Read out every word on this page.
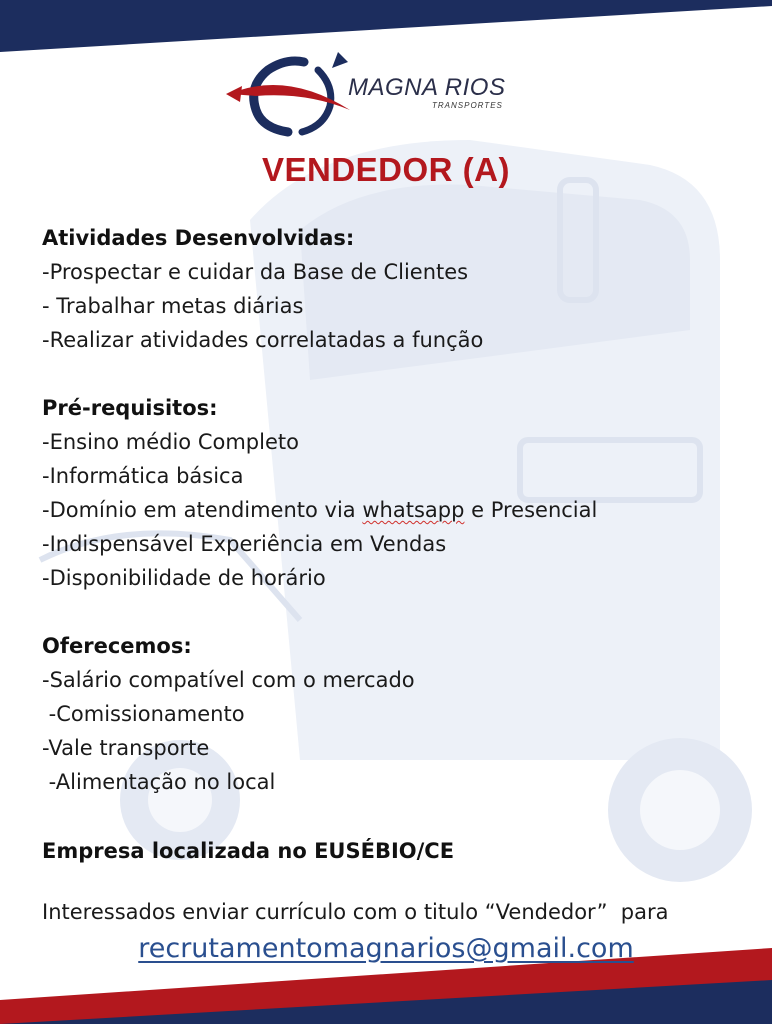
MAGNA RIOS
TRANSPORTES
VENDEDOR (A)

Atividades Desenvolvidas:

-Prospectar e cuidar da Base de Clientes

- Trabalhar metas diárias

-Realizar atividades correlatadas a função

Pré-requisitos:

-Ensino médio Completo

-Informática básica

-Domínio em atendimento via whatsapp e Presencial

-Indispensável Experiência em Vendas

-Disponibilidade de horário

Oferecemos:

-Salário compatível com o mercado

-Comissionamento

-Vale transporte

-Alimentação no local

Empresa localizada no EUSÉBIO/CE

Interessados enviar currículo com o titulo “Vendedor”  para

recrutamentomagnarios@gmail.com
